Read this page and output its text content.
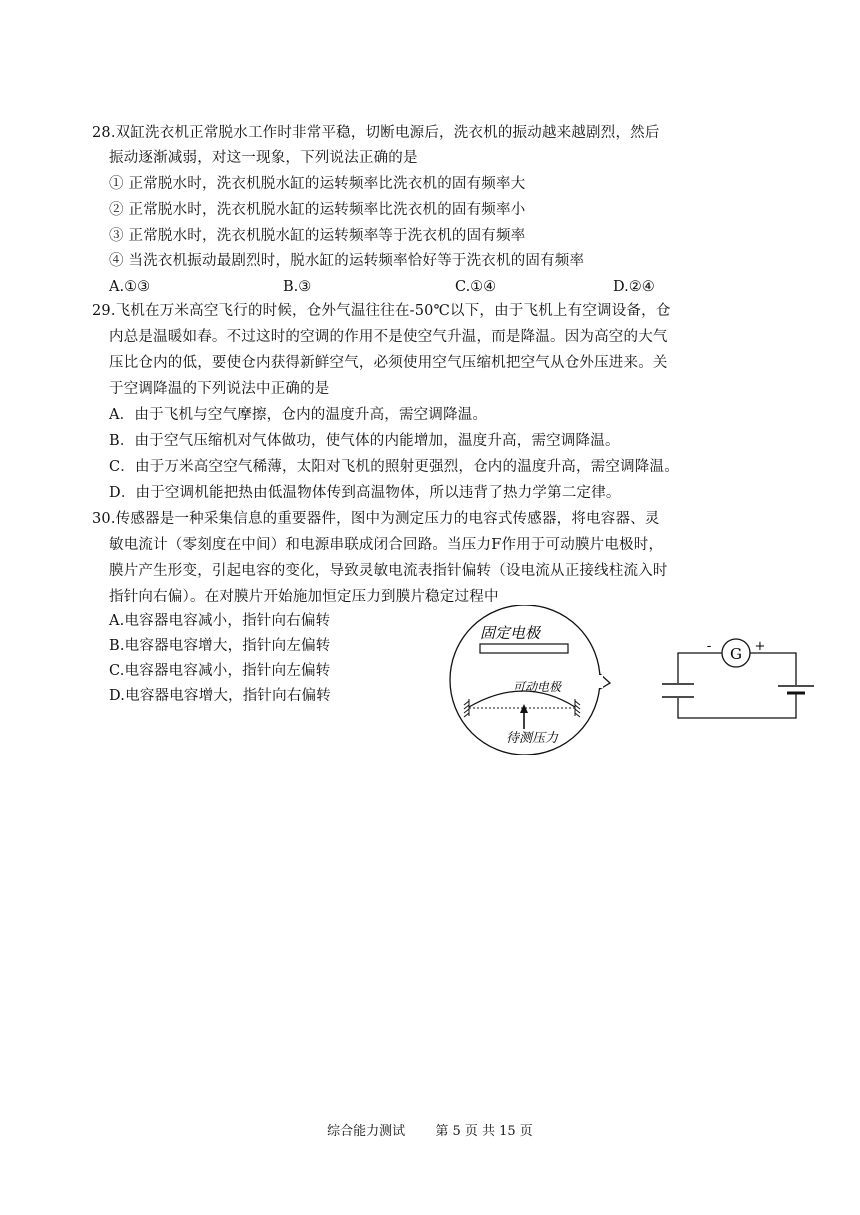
28.双缸洗衣机正常脱水工作时非常平稳，切断电源后，洗衣机的振动越来越剧烈，然后
振动逐渐减弱，对这一现象，下列说法正确的是
① 正常脱水时，洗衣机脱水缸的运转频率比洗衣机的固有频率大
② 正常脱水时，洗衣机脱水缸的运转频率比洗衣机的固有频率小
③ 正常脱水时，洗衣机脱水缸的运转频率等于洗衣机的固有频率
④ 当洗衣机振动最剧烈时，脱水缸的运转频率恰好等于洗衣机的固有频率
A.①③	B.③	C.①④	D.②④
29.飞机在万米高空飞行的时候，仓外气温往往在-50℃以下，由于飞机上有空调设备，仓
内总是温暖如春。不过这时的空调的作用不是使空气升温，而是降温。因为高空的大气
压比仓内的低，要使仓内获得新鲜空气，必须使用空气压缩机把空气从仓外压进来。关
于空调降温的下列说法中正确的是
A．由于飞机与空气摩擦，仓内的温度升高，需空调降温。
B．由于空气压缩机对气体做功，使气体的内能增加，温度升高，需空调降温。
C．由于万米高空空气稀薄，太阳对飞机的照射更强烈，仓内的温度升高，需空调降温。
D．由于空调机能把热由低温物体传到高温物体，所以违背了热力学第二定律。
30.传感器是一种采集信息的重要器件，图中为测定压力的电容式传感器，将电容器、灵
敏电流计（零刻度在中间）和电源串联成闭合回路。当压力F作用于可动膜片电极时，
膜片产生形变，引起电容的变化，导致灵敏电流表指针偏转（设电流从正接线柱流入时
指针向右偏）。在对膜片开始施加恒定压力到膜片稳定过程中
A.电容器电容减小，指针向右偏转
B.电容器电容增大，指针向左偏转
C.电容器电容减小，指针向左偏转
D.电容器电容增大，指针向右偏转
固定电极
可动电极
待测压力
G
-	+
综合能力测试 第 5 页 共 15 页
